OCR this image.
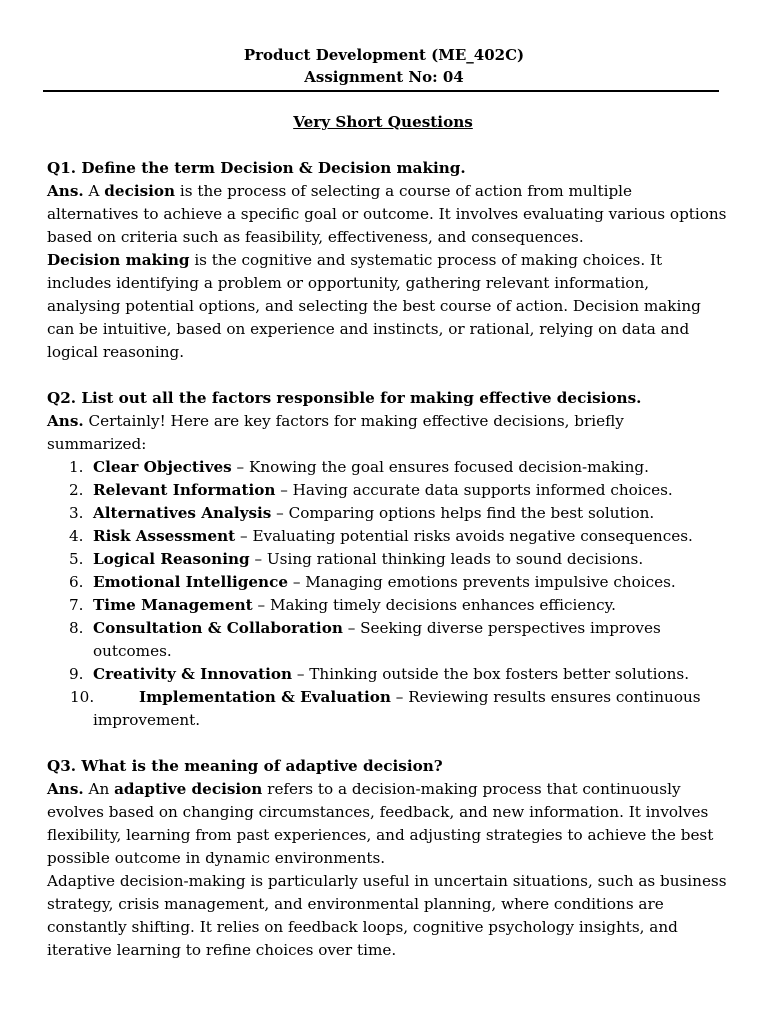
Product Development (ME_402C)
Assignment No: 04
Very Short Questions

Q1. Define the term Decision & Decision making.

Ans. A decision is the process of selecting a course of action from multiple alternatives to achieve a specific goal or outcome. It involves evaluating various options based on criteria such as feasibility, effectiveness, and consequences.

Decision making is the cognitive and systematic process of making choices. It includes identifying a problem or opportunity, gathering relevant information, analysing potential options, and selecting the best course of action. Decision making can be intuitive, based on experience and instincts, or rational, relying on data and logical reasoning.

Q2. List out all the factors responsible for making effective decisions.

Ans. Certainly! Here are key factors for making effective decisions, briefly summarized:

1. Clear Objectives – Knowing the goal ensures focused decision-making.
2. Relevant Information – Having accurate data supports informed choices.
3. Alternatives Analysis – Comparing options helps find the best solution.
4. Risk Assessment – Evaluating potential risks avoids negative consequences.
5. Logical Reasoning – Using rational thinking leads to sound decisions.
6. Emotional Intelligence – Managing emotions prevents impulsive choices.
7. Time Management – Making timely decisions enhances efficiency.
8. Consultation & Collaboration – Seeking diverse perspectives improves outcomes.
9. Creativity & Innovation – Thinking outside the box fosters better solutions.
10.	Implementation & Evaluation – Reviewing results ensures continuous improvement.

Q3. What is the meaning of adaptive decision?

Ans. An adaptive decision refers to a decision-making process that continuously evolves based on changing circumstances, feedback, and new information. It involves flexibility, learning from past experiences, and adjusting strategies to achieve the best possible outcome in dynamic environments.

Adaptive decision-making is particularly useful in uncertain situations, such as business strategy, crisis management, and environmental planning, where conditions are constantly shifting. It relies on feedback loops, cognitive psychology insights, and iterative learning to refine choices over time.
